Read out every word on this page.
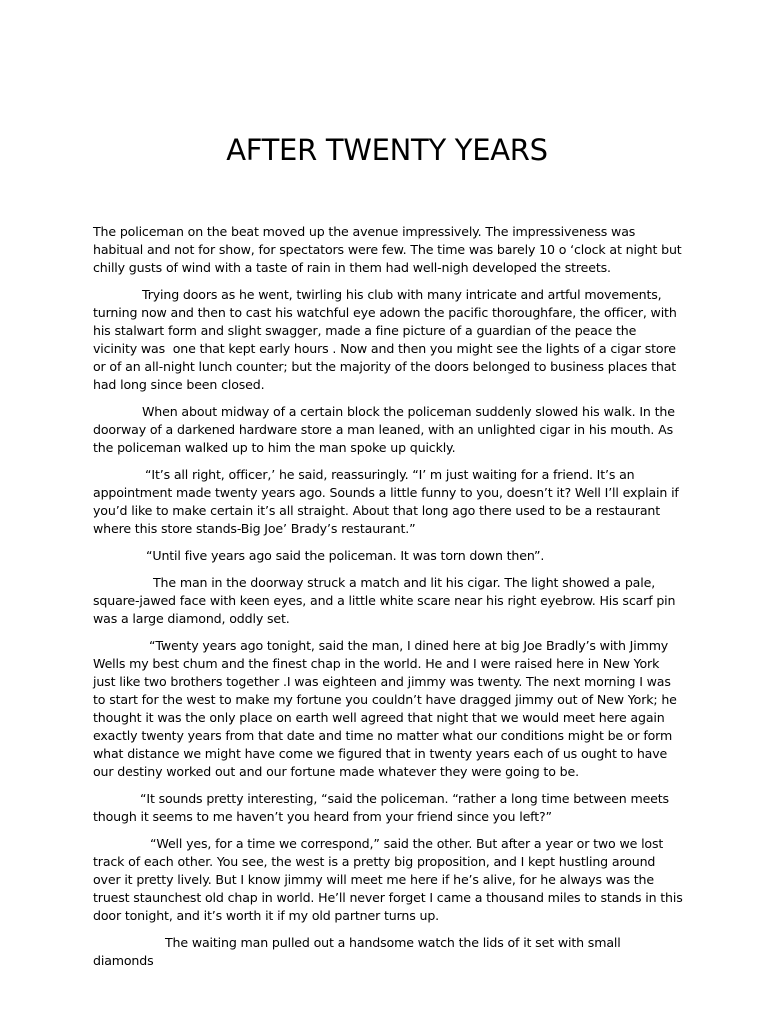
AFTER TWENTY YEARS

The policeman on the beat moved up the avenue impressively. The impressiveness was habitual and not for show, for spectators were few. The time was barely 10 o ‘clock at night but chilly gusts of wind with a taste of rain in them had well-nigh developed the streets.

Trying doors as he went, twirling his club with many intricate and artful movements, turning now and then to cast his watchful eye adown the pacific thoroughfare, the officer, with his stalwart form and slight swagger, made a fine picture of a guardian of the peace the vicinity was  one that kept early hours . Now and then you might see the lights of a cigar store or of an all-night lunch counter; but the majority of the doors belonged to business places that had long since been closed.

When about midway of a certain block the policeman suddenly slowed his walk. In the doorway of a darkened hardware store a man leaned, with an unlighted cigar in his mouth. As the policeman walked up to him the man spoke up quickly.

“It’s all right, officer,’ he said, reassuringly. “I’ m just waiting for a friend. It’s an appointment made twenty years ago. Sounds a little funny to you, doesn’t it? Well I’ll explain if you’d like to make certain it’s all straight. About that long ago there used to be a restaurant where this store stands-Big Joe’ Brady’s restaurant.”

“Until five years ago said the policeman. It was torn down then”.

The man in the doorway struck a match and lit his cigar. The light showed a pale, square-jawed face with keen eyes, and a little white scare near his right eyebrow. His scarf pin was a large diamond, oddly set.

“Twenty years ago tonight, said the man, I dined here at big Joe Bradly’s with Jimmy Wells my best chum and the finest chap in the world. He and I were raised here in New York just like two brothers together .I was eighteen and jimmy was twenty. The next morning I was to start for the west to make my fortune you couldn’t have dragged jimmy out of New York; he thought it was the only place on earth well agreed that night that we would meet here again exactly twenty years from that date and time no matter what our conditions might be or form what distance we might have come we figured that in twenty years each of us ought to have our destiny worked out and our fortune made whatever they were going to be.

“It sounds pretty interesting, “said the policeman. “rather a long time between meets though it seems to me haven’t you heard from your friend since you left?”

“Well yes, for a time we correspond,” said the other. But after a year or two we lost track of each other. You see, the west is a pretty big proposition, and I kept hustling around over it pretty lively. But I know jimmy will meet me here if he’s alive, for he always was the truest staunchest old chap in world. He’ll never forget I came a thousand miles to stands in this door tonight, and it’s worth it if my old partner turns up.

The waiting man pulled out a handsome watch the lids of it set with small diamonds
